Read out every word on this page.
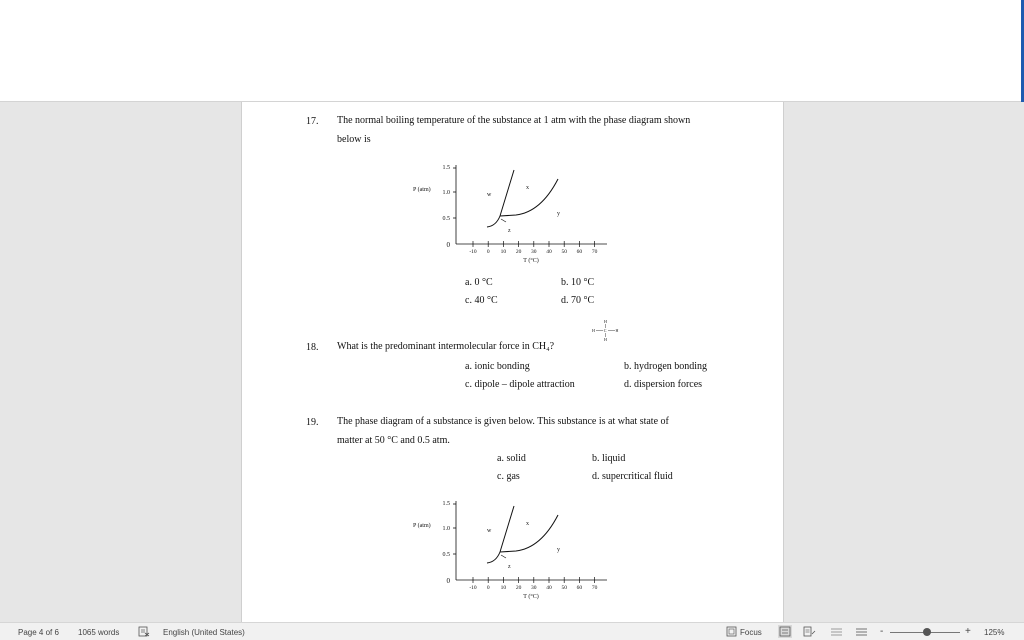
17. The normal boiling temperature of the substance at 1 atm with the phase diagram shown
below is
P (atm)
1.5
1.0
0.5
0
-10 0 10 20 30 40 50 60 70
w
x
y
z
T (°C)
a. 0 °C	b. 10 °C
c. 40 °C	d. 70 °C
H
H C H
H
18. What is the predominant intermolecular force in CH₄?
a. ionic bonding	b. hydrogen bonding
c. dipole – dipole attraction	d. dispersion forces
19. The phase diagram of a substance is given below. This substance is at what state of
matter at 50 °C and 0.5 atm.
a. solid	b. liquid
c. gas	d. supercritical fluid
P (atm)
1.5
1.0
0.5
0
-10 0 10 20 30 40 50 60 70
w
x
y
z
T (°C)
Page 4 of 6 1065 words	English (United States)	Focus	-	+ 125%
